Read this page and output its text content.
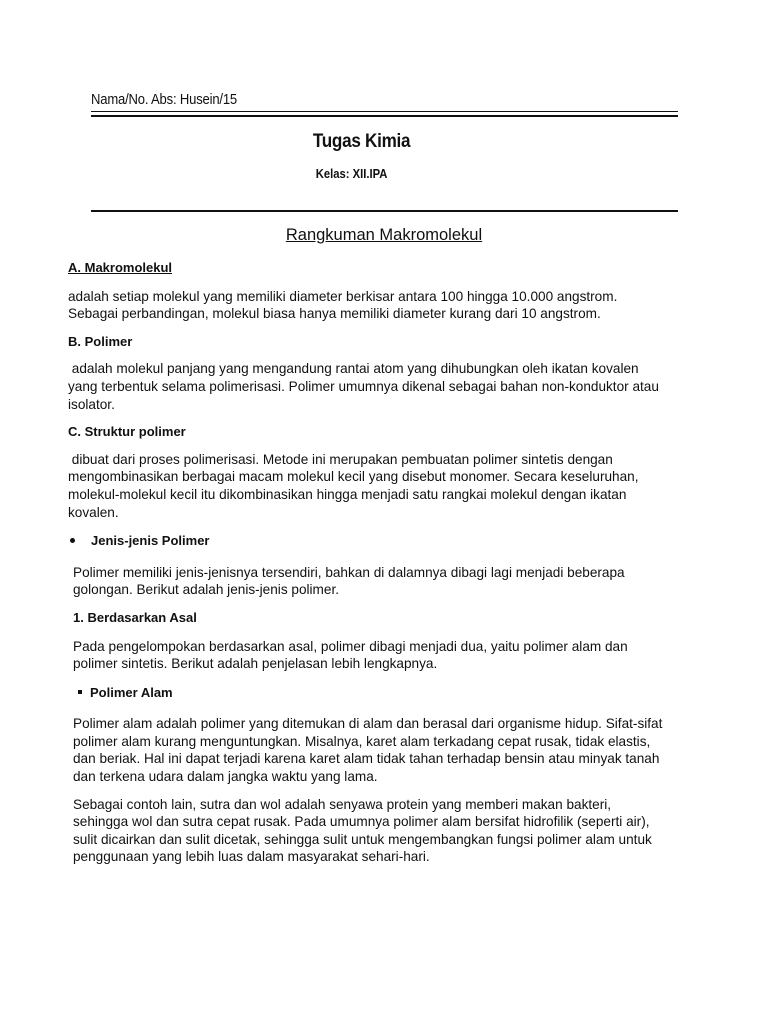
Nama/No. Abs: Husein/15
Tugas Kimia
Kelas: XII.IPA
Rangkuman Makromolekul

A. Makromolekul

adalah setiap molekul yang memiliki diameter berkisar antara 100 hingga 10.000 angstrom.

Sebagai perbandingan, molekul biasa hanya memiliki diameter kurang dari 10 angstrom.

B. Polimer

adalah molekul panjang yang mengandung rantai atom yang dihubungkan oleh ikatan kovalen

yang terbentuk selama polimerisasi. Polimer umumnya dikenal sebagai bahan non-konduktor atau

isolator.

C. Struktur polimer

dibuat dari proses polimerisasi. Metode ini merupakan pembuatan polimer sintetis dengan

mengombinasikan berbagai macam molekul kecil yang disebut monomer. Secara keseluruhan,

molekul-molekul kecil itu dikombinasikan hingga menjadi satu rangkai molekul dengan ikatan

kovalen.

Jenis-jenis Polimer

Polimer memiliki jenis-jenisnya tersendiri, bahkan di dalamnya dibagi lagi menjadi beberapa

golongan. Berikut adalah jenis-jenis polimer.

1. Berdasarkan Asal

Pada pengelompokan berdasarkan asal, polimer dibagi menjadi dua, yaitu polimer alam dan

polimer sintetis. Berikut adalah penjelasan lebih lengkapnya.

Polimer Alam

Polimer alam adalah polimer yang ditemukan di alam dan berasal dari organisme hidup. Sifat-sifat

polimer alam kurang menguntungkan. Misalnya, karet alam terkadang cepat rusak, tidak elastis,

dan beriak. Hal ini dapat terjadi karena karet alam tidak tahan terhadap bensin atau minyak tanah

dan terkena udara dalam jangka waktu yang lama.

Sebagai contoh lain, sutra dan wol adalah senyawa protein yang memberi makan bakteri,

sehingga wol dan sutra cepat rusak. Pada umumnya polimer alam bersifat hidrofilik (seperti air),

sulit dicairkan dan sulit dicetak, sehingga sulit untuk mengembangkan fungsi polimer alam untuk

penggunaan yang lebih luas dalam masyarakat sehari-hari.
